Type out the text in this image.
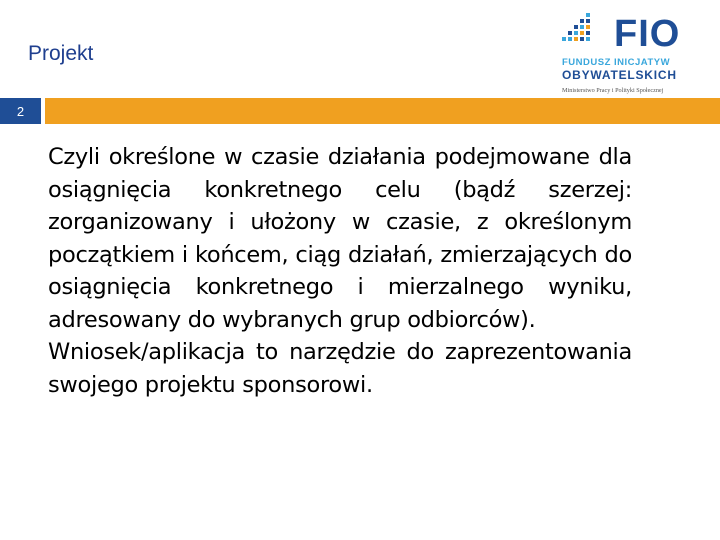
Projekt	FIO
FUNDUSZ INICJATYW
OBYWATELSKICH
Ministerstwo Pracy i Polityki Społecznej
2

Czyli określone w czasie działania podejmowane dla osiągnięcia konkretnego celu (bądź szerzej: zorganizowany i ułożony w czasie, z określonym początkiem i końcem, ciąg działań, zmierzających do osiągnięcia konkretnego i mierzalnego wyniku, adresowany do wybranych grup odbiorców).

Wniosek/aplikacja to narzędzie do zaprezentowania swojego projektu sponsorowi.
